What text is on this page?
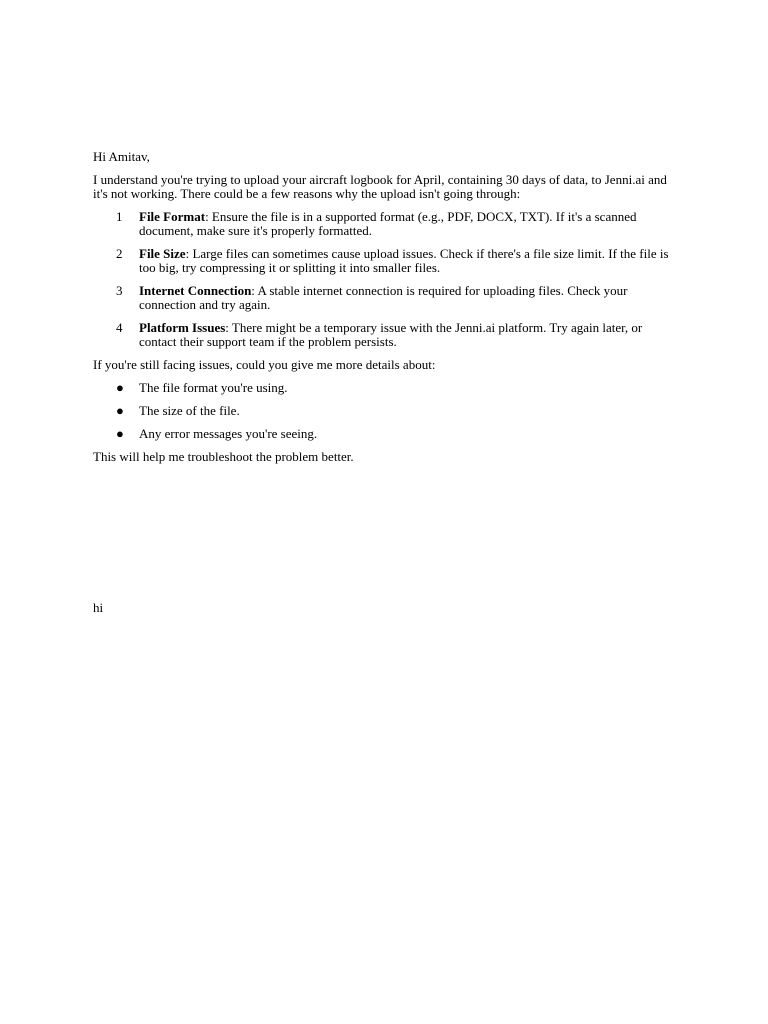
Hi Amitav,

I understand you're trying to upload your aircraft logbook for April, containing 30 days of data, to Jenni.ai and it's not working. There could be a few reasons why the upload isn't going through:

1 File Format: Ensure the file is in a supported format (e.g., PDF, DOCX, TXT). If it's a scanned document, make sure it's properly formatted.
2 File Size: Large files can sometimes cause upload issues. Check if there's a file size limit. If the file is too big, try compressing it or splitting it into smaller files.
3 Internet Connection: A stable internet connection is required for uploading files. Check your connection and try again.
4 Platform Issues: There might be a temporary issue with the Jenni.ai platform. Try again later, or contact their support team if the problem persists.

If you're still facing issues, could you give me more details about:

● The file format you're using.
● The size of the file.
● Any error messages you're seeing.

This will help me troubleshoot the problem better.

hi
